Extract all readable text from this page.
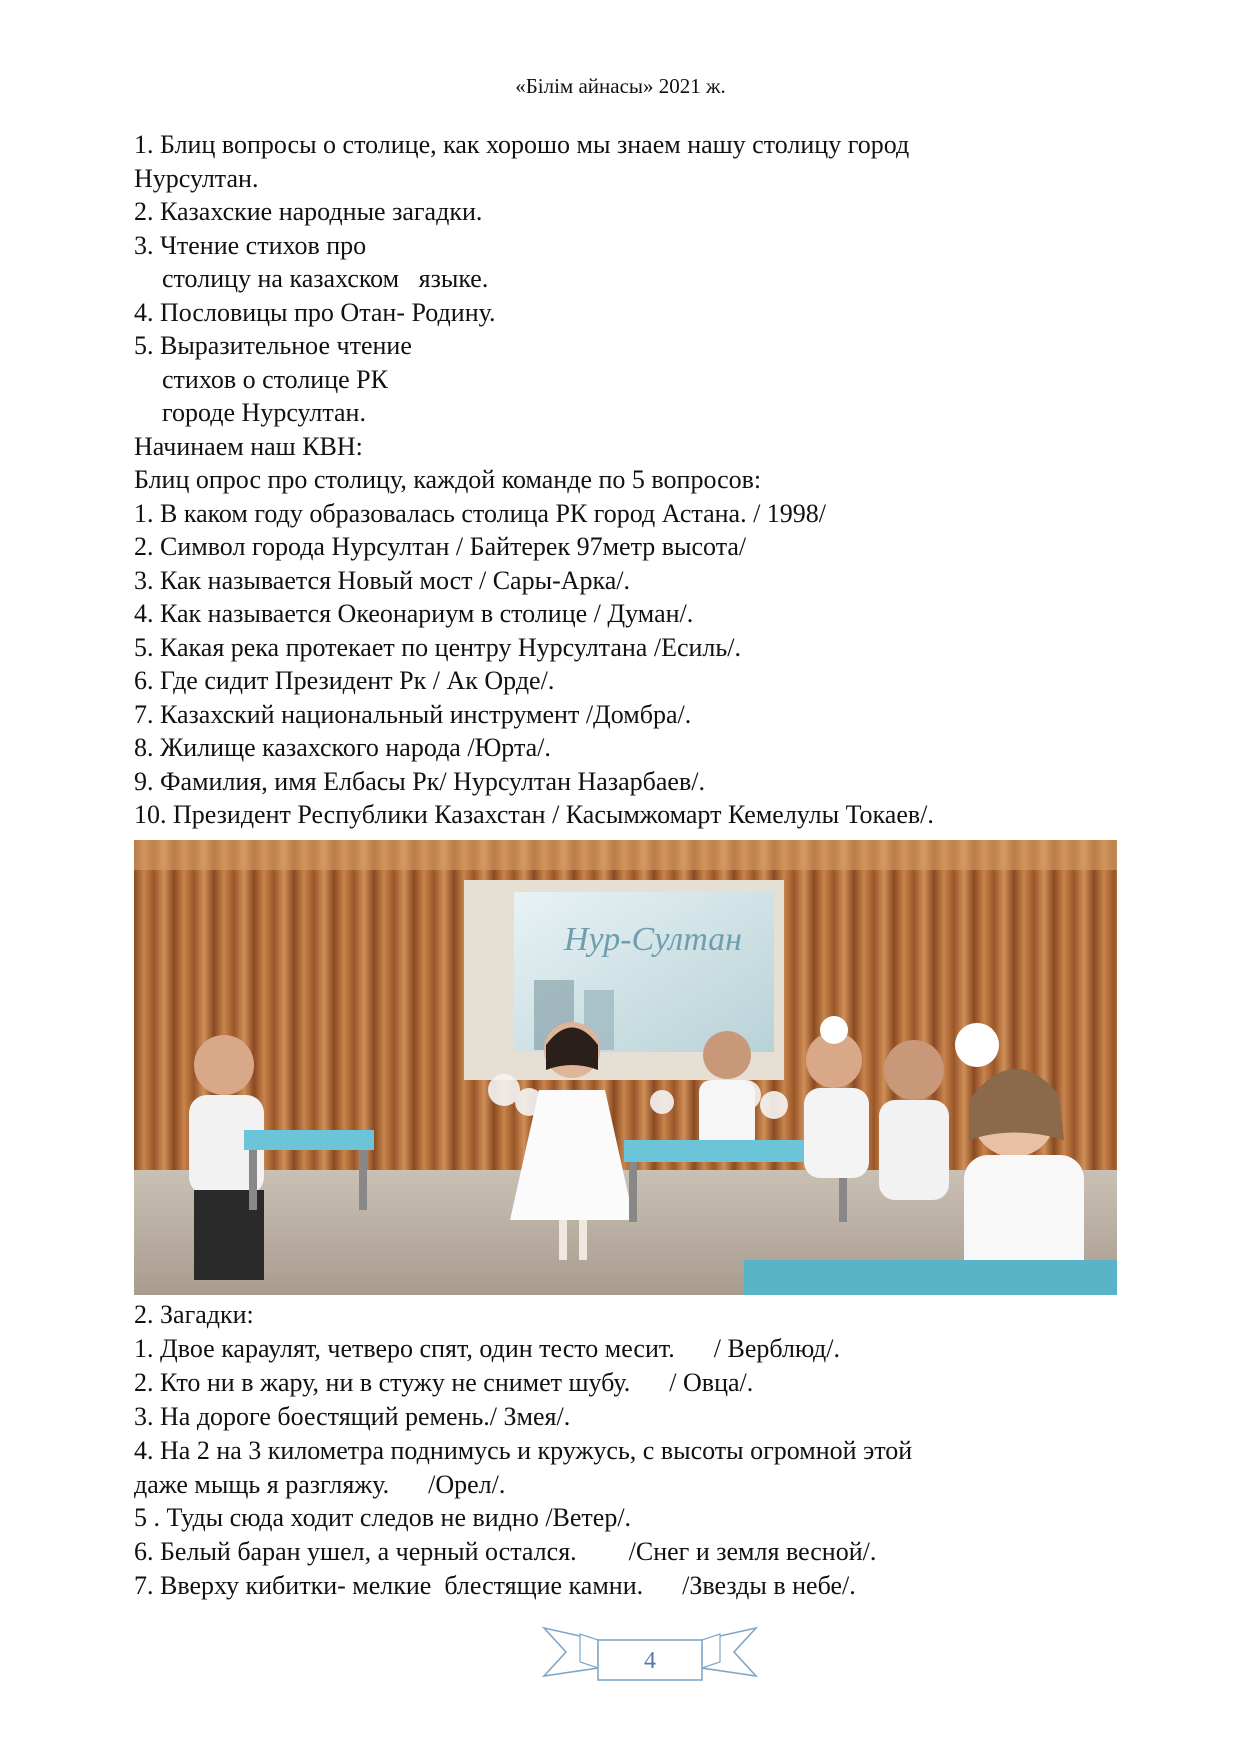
«Білім айнасы» 2021 ж.
1. Блиц вопросы о столице, как хорошо мы знаем нашу столицу город
Нурсултан.
2. Казахские народные загадки.
3. Чтение стихов про
столицу на казахском   языке.
4. Пословицы про Отан- Родину.
5. Выразительное чтение
стихов о столице РК
городе Нурсултан.
Начинаем наш КВН:
Блиц опрос про столицу, каждой команде по 5 вопросов:
1. В каком году образовалась столица РК город Астана. / 1998/
2. Символ города Нурсултан / Байтерек 97метр высота/
3. Как называется Новый мост / Сары-Арка/.
4. Как называется Океонариум в столице / Думан/.
5. Какая река протекает по центру Нурсултана /Есиль/.
6. Где сидит Президент Рк / Ак Орде/.
7. Казахский национальный инструмент /Домбра/.
8. Жилище казахского народа /Юрта/.
9. Фамилия, имя Елбасы Рк/ Нурсултан Назарбаев/.
10. Президент Республики Казахстан / Касымжомарт Кемелулы Токаев/.
Нур-Султан
2. Загадки:
1. Двое караулят, четверо спят, один тесто месит.      / Верблюд/.
2. Кто ни в жару, ни в стужу не снимет шубу.      / Овца/.
3. На дороге боестящий ремень./ Змея/.
4. На 2 на 3 километра поднимусь и кружусь, с высоты огромной этой
даже мыщь я разгляжу.      /Орел/.
5 . Туды сюда ходит следов не видно /Ветер/.
6. Белый баран ушел, а черный остался.        /Снег и земля весной/.
7. Вверху кибитки- мелкие  блестящие камни.      /Звезды в небе/.
4
